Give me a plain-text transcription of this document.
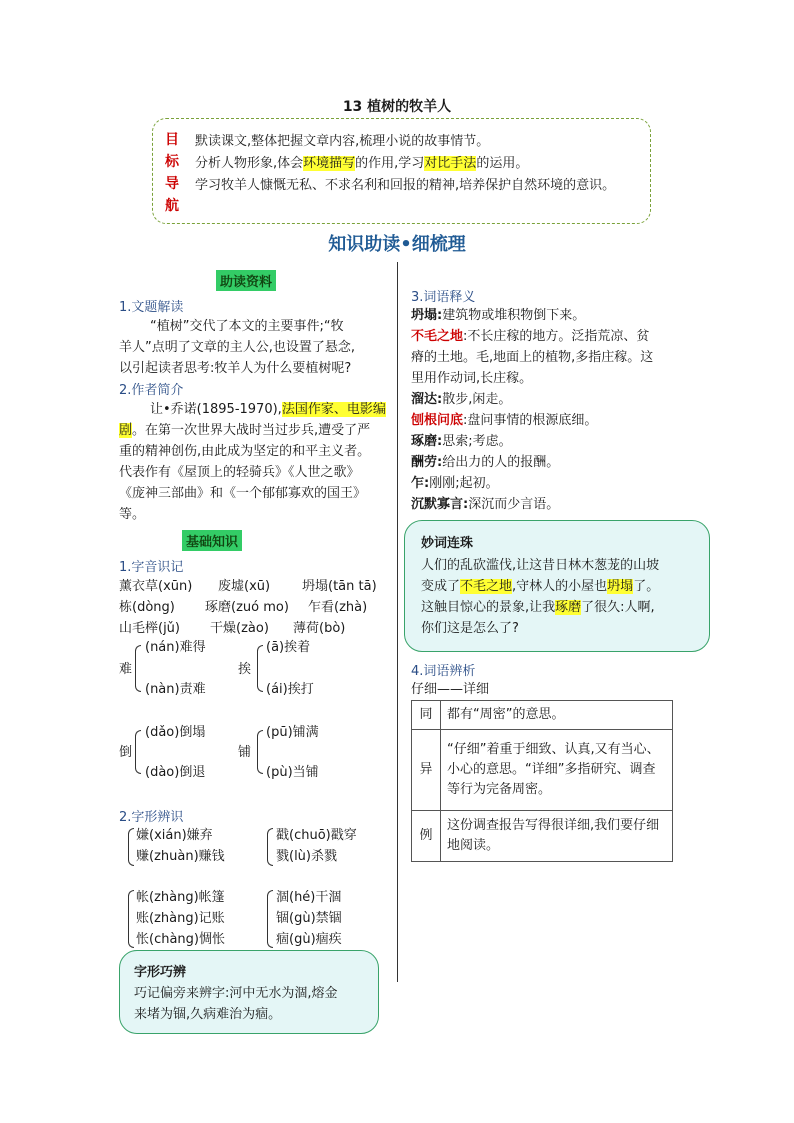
13 植树的牧羊人
目
标
导
航
默读课文,整体把握文章内容,梳理小说的故事情节。
分析人物形象,体会环境描写的作用,学习对比手法的运用。
学习牧羊人慷慨无私、不求名利和回报的精神,培养保护自然环境的意识。
知识助读•细梳理
助读资料
1.文题解读
“植树”交代了本文的主要事件;“牧
羊人”点明了文章的主人公,也设置了悬念,
以引起读者思考:牧羊人为什么要植树呢?
2.作者简介
让•乔诺(1895-1970),法国作家、电影编
剧。在第一次世界大战时当过步兵,遭受了严
重的精神创伤,由此成为坚定的和平主义者。
代表作有《屋顶上的轻骑兵》《人世之歌》
《庞神三部曲》和《一个郁郁寡欢的国王》
等。
基础知识
1.字音识记
薰衣草(xūn) 废墟(xū) 坍塌(tān tā)
栋(dòng) 琢磨(zuó mo) 乍看(zhà)
山毛榉(jǔ) 干燥(zào) 薄荷(bò)
难
(nán)难得
(nàn)责难
挨
(ā)挨着
(ái)挨打
倒
(dǎo)倒塌
(dào)倒退
铺
(pū)铺满
(pù)当铺
2.字形辨识
嫌(xián)嫌弃
赚(zhuàn)赚钱
戳(chuō)戳穿
戮(lù)杀戮
帐(zhàng)帐篷
账(zhàng)记账
怅(chàng)惆怅
涸(hé)干涸
锢(gù)禁锢
痼(gù)痼疾
字形巧辨
巧记偏旁来辨字:河中无水为涸,熔金
来堵为锢,久病难治为痼。
3.词语释义
坍塌:建筑物或堆积物倒下来。
不毛之地:不长庄稼的地方。泛指荒凉、贫
瘠的土地。毛,地面上的植物,多指庄稼。这
里用作动词,长庄稼。
溜达:散步,闲走。
刨根问底:盘问事情的根源底细。
琢磨:思索;考虑。
酬劳:给出力的人的报酬。
乍:刚刚;起初。
沉默寡言:深沉而少言语。
妙词连珠
人们的乱砍滥伐,让这昔日林木葱茏的山坡
变成了不毛之地,守林人的小屋也坍塌了。
这触目惊心的景象,让我琢磨了很久:人啊,
你们这是怎么了?
4.词语辨析
仔细——详细
同	都有“周密”的意思。
异	“仔细”着重于细致、认真,又有当心、小心的意思。“详细”多指研究、调查等行为完备周密。
例	这份调查报告写得很详细,我们要仔细地阅读。
